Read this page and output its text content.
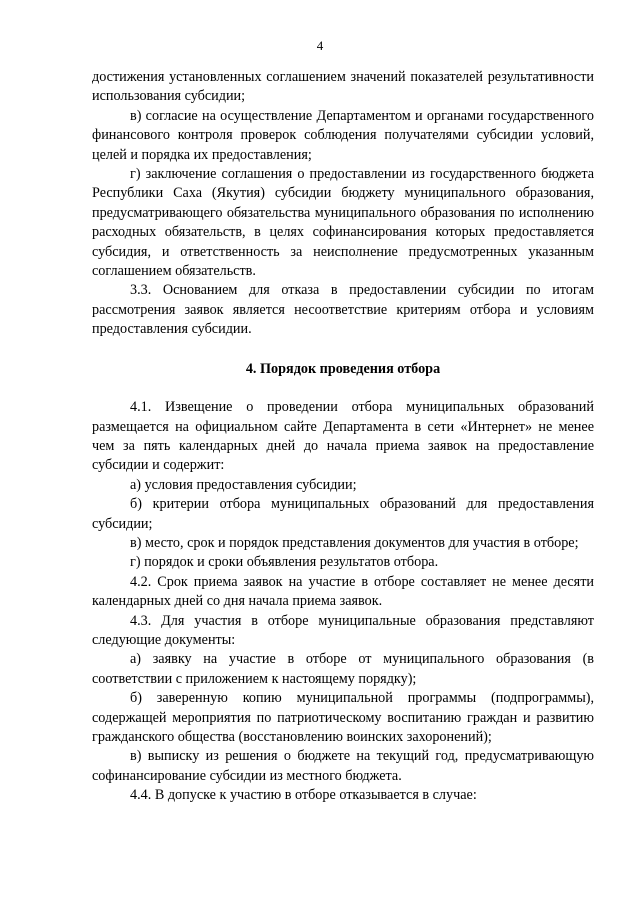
4

достижения установленных соглашением значений показателей результативности использования субсидии;

в) согласие на осуществление Департаментом и органами государственного финансового контроля проверок соблюдения получателями субсидии условий, целей и порядка их предоставления;

г) заключение соглашения о предоставлении из государственного бюджета Республики Саха (Якутия) субсидии бюджету муниципального образования, предусматривающего обязательства муниципального образования по исполнению расходных обязательств, в целях софинансирования которых предоставляется субсидия, и ответственность за неисполнение предусмотренных указанным соглашением обязательств.

3.3. Основанием для отказа в предоставлении субсидии по итогам рассмотрения заявок является несоответствие критериям отбора и условиям предоставления субсидии.

4. Порядок проведения отбора

4.1. Извещение о проведении отбора муниципальных образований размещается на официальном сайте Департамента в сети «Интернет» не менее чем за пять календарных дней до начала приема заявок на предоставление субсидии и содержит:

а) условия предоставления субсидии;

б) критерии отбора муниципальных образований для предоставления субсидии;

в) место, срок и порядок представления документов для участия в отборе;

г) порядок и сроки объявления результатов отбора.

4.2. Срок приема заявок на участие в отборе составляет не менее десяти календарных дней со дня начала приема заявок.

4.3. Для участия в отборе муниципальные образования представляют следующие документы:

а) заявку на участие в отборе от муниципального образования (в соответствии с приложением к настоящему порядку);

б) заверенную копию муниципальной программы (подпрограммы), содержащей мероприятия по патриотическому воспитанию граждан и развитию гражданского общества (восстановлению воинских захоронений);

в) выписку из решения о бюджете на текущий год, предусматривающую софинансирование субсидии из местного бюджета.

4.4. В допуске к участию в отборе отказывается в случае:
